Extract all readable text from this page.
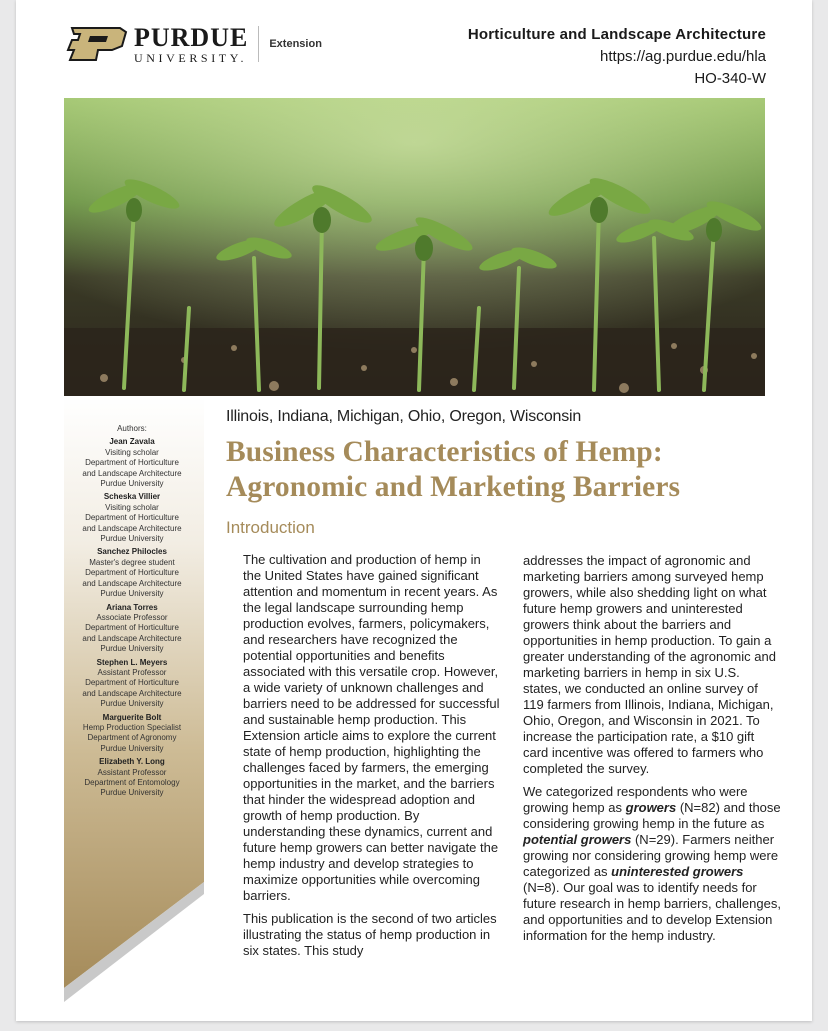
PURDUE
UNIVERSITY.
Extension
Horticulture and Landscape Architecture
https://ag.purdue.edu/hla
HO-340-W
Authors:
Jean Zavala
Visiting scholar
Department of Horticulture
and Landscape Architecture
Purdue University
Scheska Villier
Visiting scholar
Department of Horticulture
and Landscape Architecture
Purdue University
Sanchez Philocles
Master's degree student
Department of Horticulture
and Landscape Architecture
Purdue University
Ariana Torres
Associate Professor
Department of Horticulture
and Landscape Architecture
Purdue University
Stephen L. Meyers
Assistant Professor
Department of Horticulture
and Landscape Architecture
Purdue University
Marguerite Bolt
Hemp Production Specialist
Department of Agronomy
Purdue University
Elizabeth Y. Long
Assistant Professor
Department of Entomology
Purdue University
Illinois, Indiana, Michigan, Ohio, Oregon, Wisconsin
Business Characteristics of Hemp:
Agronomic and Marketing Barriers
Introduction

The cultivation and production of hemp in the United States have gained significant attention and momentum in recent years. As the legal landscape surrounding hemp production evolves, farmers, policymakers, and researchers have recognized the potential opportunities and benefits associated with this versatile crop. However, a wide variety of unknown challenges and barriers need to be addressed for successful and sustainable hemp production. This Extension article aims to explore the current state of hemp production, highlighting the challenges faced by farmers, the emerging opportunities in the market, and the barriers that hinder the widespread adoption and growth of hemp production. By understanding these dynamics, current and future hemp growers can better navigate the hemp industry and develop strategies to maximize opportunities while overcoming barriers.

This publication is the second of two articles illustrating the status of hemp production in six states. This study

addresses the impact of agronomic and marketing barriers among surveyed hemp growers, while also shedding light on what future hemp growers and uninterested growers think about the barriers and opportunities in hemp production. To gain a greater understanding of the agronomic and marketing barriers in hemp in six U.S. states, we conducted an online survey of 119 farmers from Illinois, Indiana, Michigan, Ohio, Oregon, and Wisconsin in 2021. To increase the participation rate, a $10 gift card incentive was offered to farmers who completed the survey.

We categorized respondents who were growing hemp as growers (N=82) and those considering growing hemp in the future as potential growers (N=29). Farmers neither growing nor considering growing hemp were categorized as uninterested growers (N=8). Our goal was to identify needs for future research in hemp barriers, challenges, and opportunities and to develop Extension information for the hemp industry.
